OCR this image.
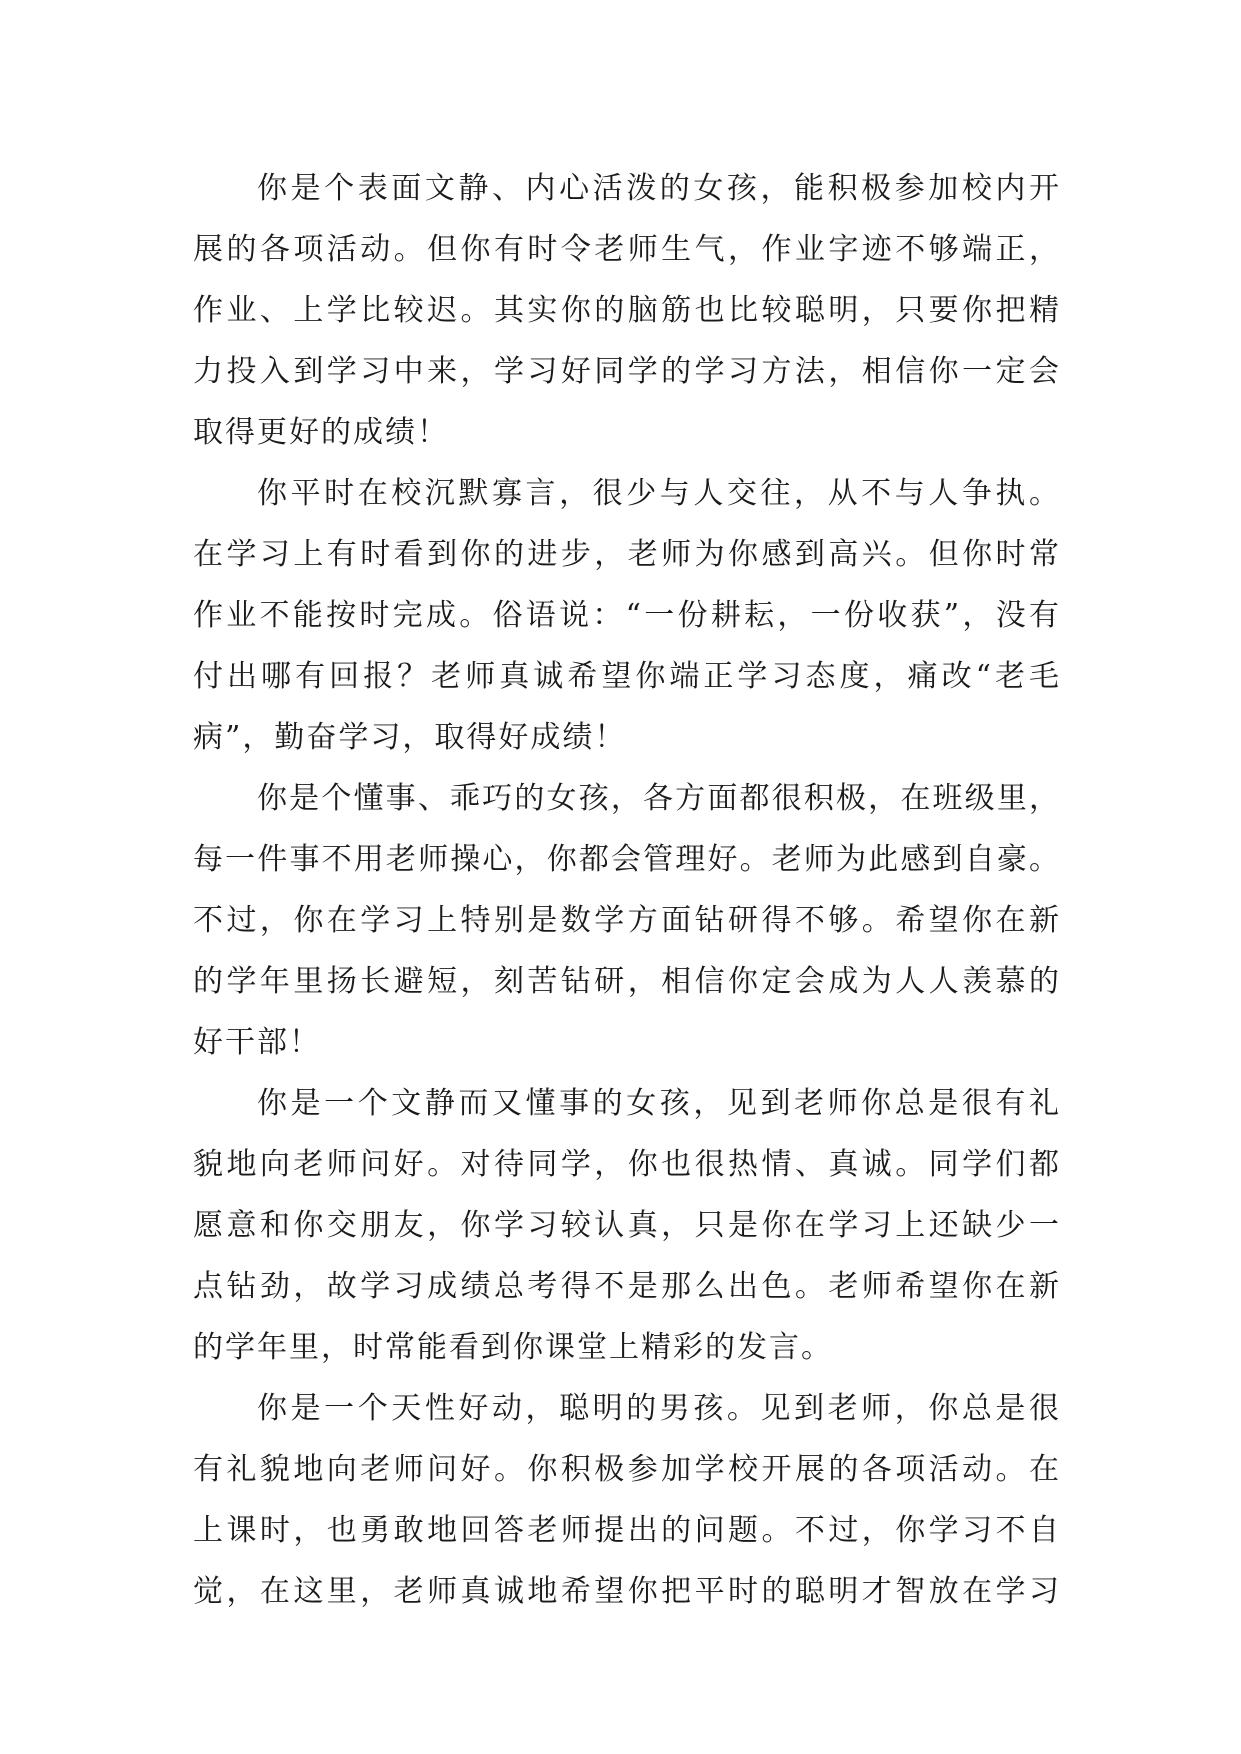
你是个表面文静、内心活泼的女孩，能积极参加校内开
展的各项活动。但你有时令老师生气，作业字迹不够端正，
作业、上学比较迟。其实你的脑筋也比较聪明，只要你把精
力投入到学习中来，学习好同学的学习方法，相信你一定会
取得更好的成绩！
你平时在校沉默寡言，很少与人交往，从不与人争执。
在学习上有时看到你的进步，老师为你感到高兴。但你时常
作业不能按时完成。俗语说：“一份耕耘，一份收获”，没有
付出哪有回报？老师真诚希望你端正学习态度，痛改“老毛
病”，勤奋学习，取得好成绩！
你是个懂事、乖巧的女孩，各方面都很积极，在班级里，
每一件事不用老师操心，你都会管理好。老师为此感到自豪。
不过，你在学习上特别是数学方面钻研得不够。希望你在新
的学年里扬长避短，刻苦钻研，相信你定会成为人人羡慕的
好干部！
你是一个文静而又懂事的女孩，见到老师你总是很有礼
貌地向老师问好。对待同学，你也很热情、真诚。同学们都
愿意和你交朋友，你学习较认真，只是你在学习上还缺少一
点钻劲，故学习成绩总考得不是那么出色。老师希望你在新
的学年里，时常能看到你课堂上精彩的发言。
你是一个天性好动，聪明的男孩。见到老师，你总是很
有礼貌地向老师问好。你积极参加学校开展的各项活动。在
上课时，也勇敢地回答老师提出的问题。不过，你学习不自
觉，在这里，老师真诚地希望你把平时的聪明才智放在学习
